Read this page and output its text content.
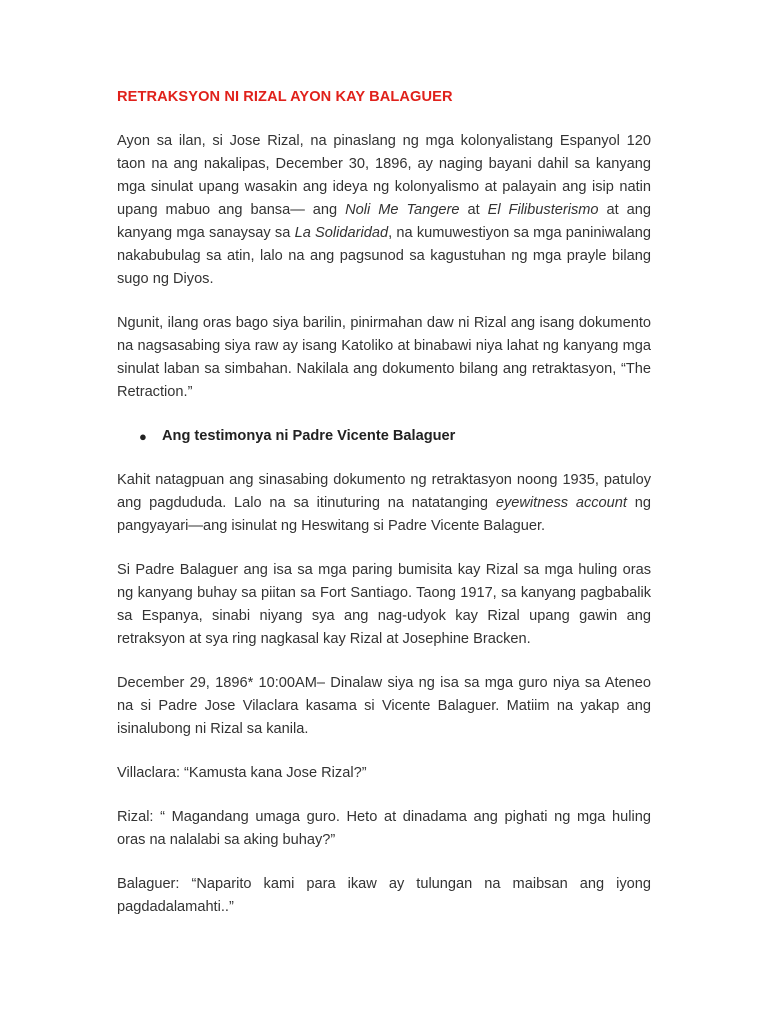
RETRAKSYON NI RIZAL AYON KAY BALAGUER

Ayon sa ilan, si Jose Rizal, na pinaslang ng mga kolonyalistang Espanyol 120 taon na ang nakalipas, December 30, 1896, ay naging bayani dahil sa kanyang mga sinulat upang wasakin ang ideya ng kolonyalismo at palayain ang isip natin upang mabuo ang bansa— ang Noli Me Tangere at El Filibusterismo at ang kanyang mga sanaysay sa La Solidaridad, na kumuwestiyon sa mga paniniwalang nakabubulag sa atin, lalo na ang pagsunod sa kagustuhan ng mga prayle bilang sugo ng Diyos.

Ngunit, ilang oras bago siya barilin, pinirmahan daw ni Rizal ang isang dokumento na nagsasabing siya raw ay isang Katoliko at binabawi niya lahat ng kanyang mga sinulat laban sa simbahan. Nakilala ang dokumento bilang ang retraktasyon, “The Retraction.”

●	Ang testimonya ni Padre Vicente Balaguer

Kahit natagpuan ang sinasabing dokumento ng retraktasyon noong 1935, patuloy ang pagdududa. Lalo na sa itinuturing na natatanging eyewitness account ng pangyayari—ang isinulat ng Heswitang si Padre Vicente Balaguer.

Si Padre Balaguer ang isa sa mga paring bumisita kay Rizal sa mga huling oras ng kanyang buhay sa piitan sa Fort Santiago. Taong 1917, sa kanyang pagbabalik sa Espanya, sinabi niyang sya ang nag-udyok kay Rizal upang gawin ang retraksyon at sya ring nagkasal kay Rizal at Josephine Bracken.

December 29, 1896* 10:00AM– Dinalaw siya ng isa sa mga guro niya sa Ateneo na si Padre Jose Vilaclara kasama si Vicente Balaguer. Matiim na yakap ang isinalubong ni Rizal sa kanila.

Villaclara: “Kamusta kana Jose Rizal?”

Rizal: “ Magandang umaga guro. Heto at dinadama ang pighati ng mga huling oras na nalalabi sa aking buhay?”

Balaguer: “Naparito kami para ikaw ay tulungan na maibsan ang iyong pagdadalamahti..”
